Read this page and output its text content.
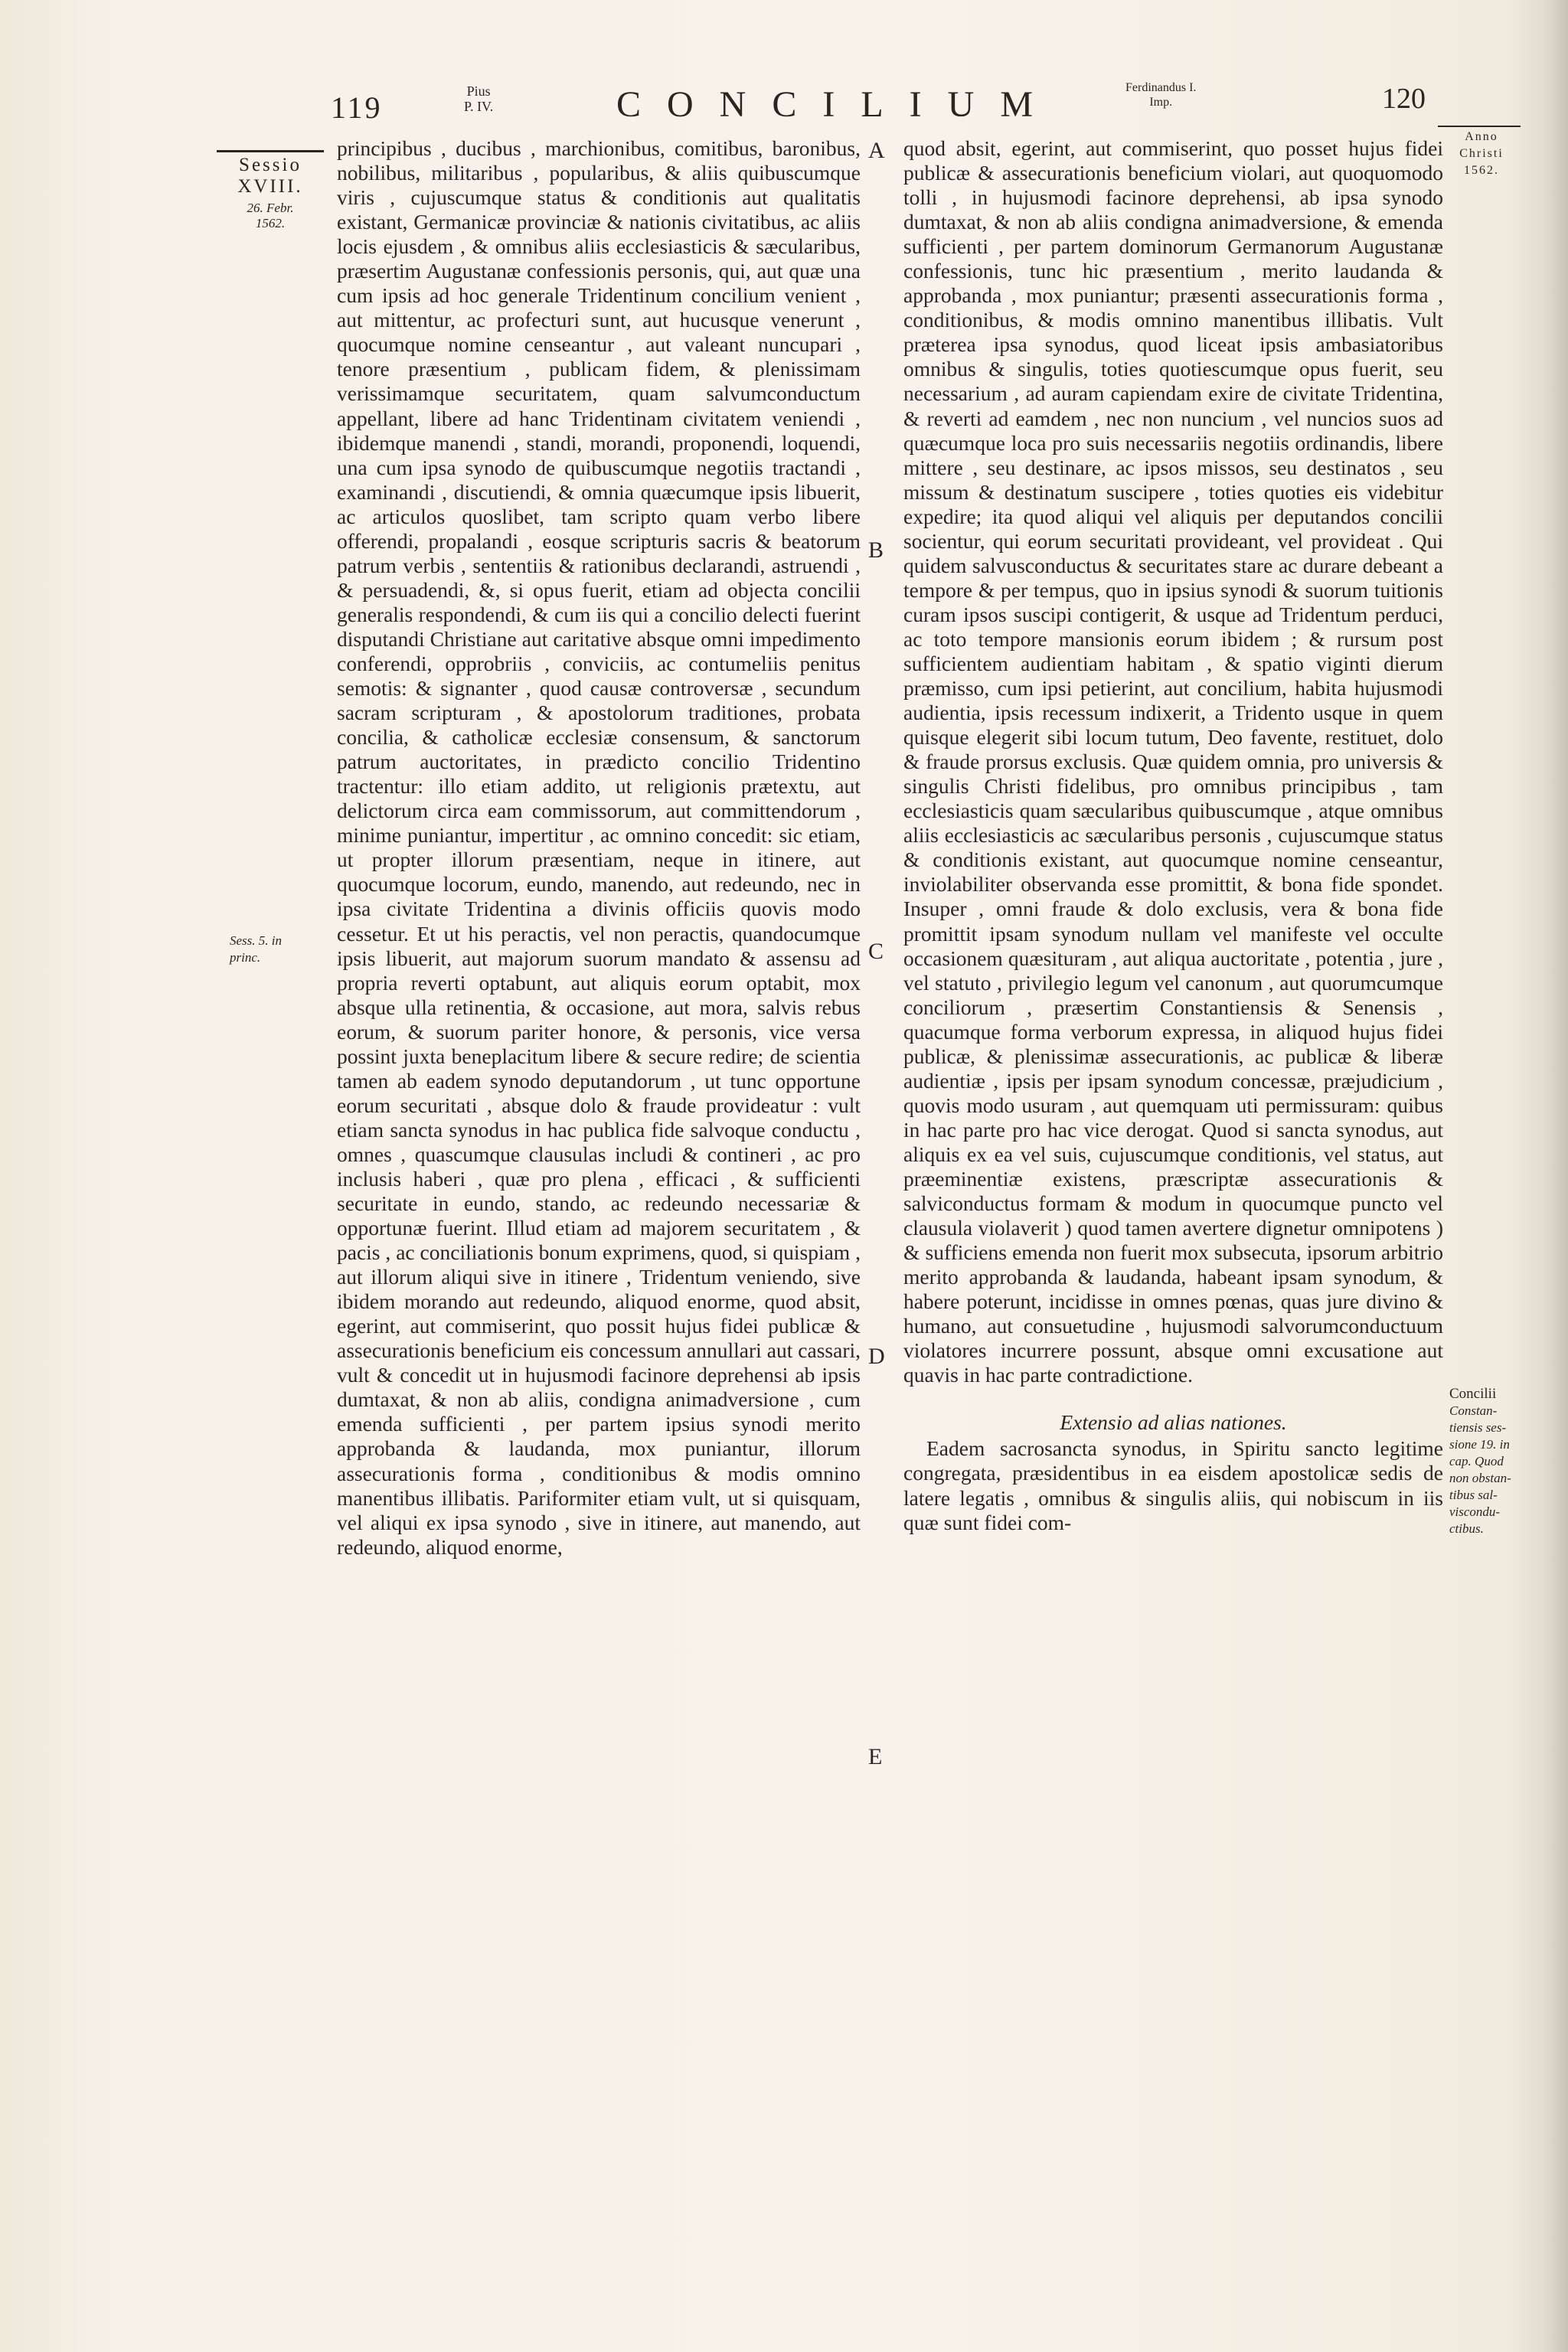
119	Pius
P. IV.	CONCILIUM	Ferdinandus I.
Imp.	120
Sessio
XVIII.
26. Febr.
1562.
Sess. 5. in
princ.

principibus , ducibus , marchionibus, comitibus, baronibus, nobilibus, militaribus , popularibus, & aliis quibuscumque viris , cujuscumque status & conditionis aut qualitatis existant, Germanicæ provinciæ & nationis civitatibus, ac aliis locis ejusdem , & omnibus aliis ecclesiasticis & sæcularibus, præsertim Augustanæ confessionis personis, qui, aut quæ una cum ipsis ad hoc generale Tridentinum concilium venient , aut mittentur, ac profecturi sunt, aut hucusque venerunt , quocumque nomine censeantur , aut valeant nuncupari , tenore præsentium , publicam fidem, & plenissimam verissimamque securitatem, quam salvumconductum appellant, libere ad hanc Tridentinam civitatem veniendi , ibidemque manendi , standi, morandi, proponendi, loquendi, una cum ipsa synodo de quibuscumque negotiis tractandi , examinandi , discutiendi, & omnia quæcumque ipsis libuerit, ac articulos quoslibet, tam scripto quam verbo libere offerendi, propalandi , eosque scripturis sacris & beatorum patrum verbis , sententiis & rationibus declarandi, astruendi , & persuadendi, &, si opus fuerit, etiam ad objecta concilii generalis respondendi, & cum iis qui a concilio delecti fuerint disputandi Christiane aut caritative absque omni impedimento conferendi, opprobriis , conviciis, ac contumeliis penitus semotis: & signanter , quod causæ controversæ , secundum sacram scripturam , & apostolorum traditiones, probata concilia, & catholicæ ecclesiæ consensum, & sanctorum patrum auctoritates, in prædicto concilio Tridentino tractentur: illo etiam addito, ut religionis prætextu, aut delictorum circa eam commissorum, aut committendorum , minime puniantur, impertitur , ac omnino concedit: sic etiam, ut propter illorum præsentiam, neque in itinere, aut quocumque locorum, eundo, manendo, aut redeundo, nec in ipsa civitate Tridentina a divinis officiis quovis modo cessetur. Et ut his peractis, vel non peractis, quandocumque ipsis libuerit, aut majorum suorum mandato & assensu ad propria reverti optabunt, aut aliquis eorum optabit, mox absque ulla retinentia, & occasione, aut mora, salvis rebus eorum, & suorum pariter honore, & personis, vice versa possint juxta beneplacitum libere & secure redire; de scientia tamen ab eadem synodo deputandorum , ut tunc opportune eorum securitati , absque dolo & fraude provideatur : vult etiam sancta synodus in hac publica fide salvoque conductu , omnes , quascumque clausulas includi & contineri , ac pro inclusis haberi , quæ pro plena , efficaci , & sufficienti securitate in eundo, stando, ac redeundo necessariæ & opportunæ fuerint. Illud etiam ad majorem securitatem , & pacis , ac conciliationis bonum exprimens, quod, si quispiam , aut illorum aliqui sive in itinere , Tridentum veniendo, sive ibidem morando aut redeundo, aliquod enorme, quod absit, egerint, aut commiserint, quo possit hujus fidei publicæ & assecurationis beneficium eis concessum annullari aut cassari, vult & concedit ut in hujusmodi facinore deprehensi ab ipsis dumtaxat, & non ab aliis, condigna animadversione , cum emenda sufficienti , per partem ipsius synodi merito approbanda & laudanda, mox puniantur, illorum assecurationis forma , conditionibus & modis omnino manentibus illibatis. Pariformiter etiam vult, ut si quisquam, vel aliqui ex ipsa synodo , sive in itinere, aut manendo, aut redeundo, aliquod enorme,

A
B
C
D
E

quod absit, egerint, aut commiserint, quo posset hujus fidei publicæ & assecurationis beneficium violari, aut quoquomodo tolli , in hujusmodi facinore deprehensi, ab ipsa synodo dumtaxat, & non ab aliis condigna animadversione, & emenda sufficienti , per partem dominorum Germanorum Augustanæ confessionis, tunc hic præsentium , merito laudanda & approbanda , mox puniantur; præsenti assecurationis forma , conditionibus, & modis omnino manentibus illibatis. Vult præterea ipsa synodus, quod liceat ipsis ambasiatoribus omnibus & singulis, toties quotiescumque opus fuerit, seu necessarium , ad auram capiendam exire de civitate Tridentina, & reverti ad eamdem , nec non nuncium , vel nuncios suos ad quæcumque loca pro suis necessariis negotiis ordinandis, libere mittere , seu destinare, ac ipsos missos, seu destinatos , seu missum & destinatum suscipere , toties quoties eis videbitur expedire; ita quod aliqui vel aliquis per deputandos concilii socientur, qui eorum securitati provideant, vel provideat . Qui quidem salvusconductus & securitates stare ac durare debeant a tempore & per tempus, quo in ipsius synodi & suorum tuitionis curam ipsos suscipi contigerit, & usque ad Tridentum perduci, ac toto tempore mansionis eorum ibidem ; & rursum post sufficientem audientiam habitam , & spatio viginti dierum præmisso, cum ipsi petierint, aut concilium, habita hujusmodi audientia, ipsis recessum indixerit, a Tridento usque in quem quisque elegerit sibi locum tutum, Deo favente, restituet, dolo & fraude prorsus exclusis. Quæ quidem omnia, pro universis & singulis Christi fidelibus, pro omnibus principibus , tam ecclesiasticis quam sæcularibus quibuscumque , atque omnibus aliis ecclesiasticis ac sæcularibus personis , cujuscumque status & conditionis existant, aut quocumque nomine censeantur, inviolabiliter observanda esse promittit, & bona fide spondet. Insuper , omni fraude & dolo exclusis, vera & bona fide promittit ipsam synodum nullam vel manifeste vel occulte occasionem quæsituram , aut aliqua auctoritate , potentia , jure , vel statuto , privilegio legum vel canonum , aut quorumcumque conciliorum , præsertim Constantiensis & Senensis , quacumque forma verborum expressa, in aliquod hujus fidei publicæ, & plenissimæ assecurationis, ac publicæ & liberæ audientiæ , ipsis per ipsam synodum concessæ, præjudicium , quovis modo usuram , aut quemquam uti permissuram: quibus in hac parte pro hac vice derogat. Quod si sancta synodus, aut aliquis ex ea vel suis, cujuscumque conditionis, vel status, aut præeminentiæ existens, præscriptæ assecurationis & salviconductus formam & modum in quocumque puncto vel clausula violaverit ) quod tamen avertere dignetur omnipotens ) & sufficiens emenda non fuerit mox subsecuta, ipsorum arbitrio merito approbanda & laudanda, habeant ipsam synodum, & habere poterunt, incidisse in omnes pœnas, quas jure divino & humano, aut consuetudine , hujusmodi salvorumconductuum violatores incurrere possunt, absque omni excusatione aut quavis in hac parte contradictione.

Extensio ad alias nationes.

Eadem sacrosancta synodus, in Spiritu sancto legitime congregata, præsidentibus in ea eisdem apostolicæ sedis de latere legatis , omnibus & singulis aliis, qui nobiscum in iis quæ sunt fidei com-

Anno
Christi
1562.
Concilii
Constan-
tiensis ses-
sione 19. in
cap. Quod
non obstan-
tibus sal-
viscondu-
ctibus.
